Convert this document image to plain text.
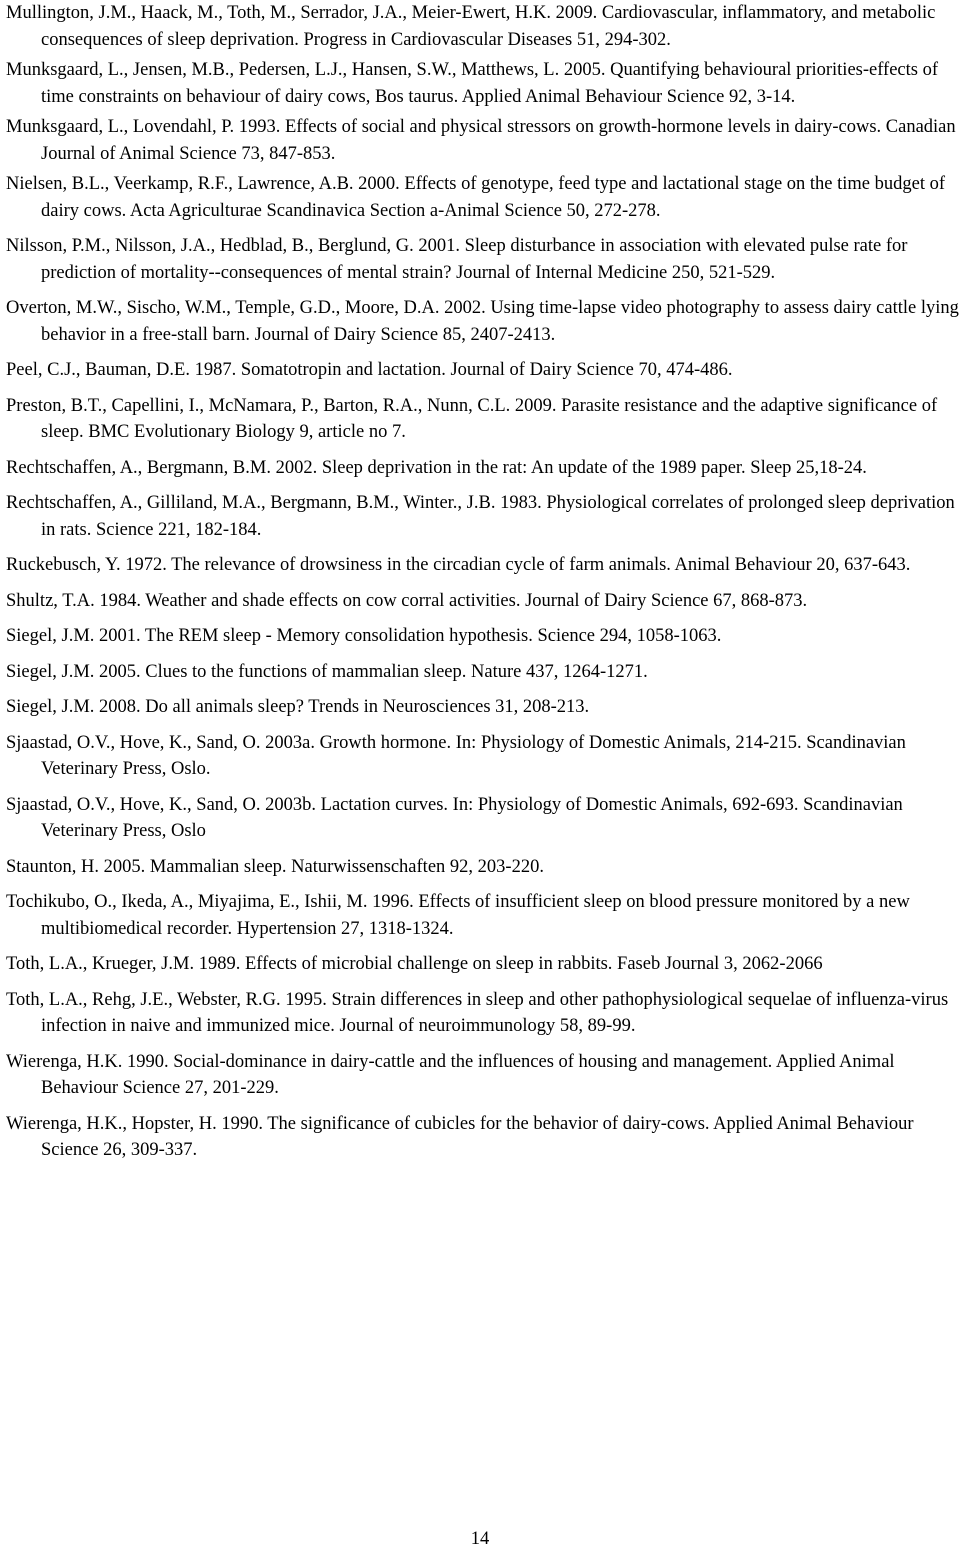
Mullington, J.M., Haack, M., Toth, M., Serrador, J.A., Meier-Ewert, H.K. 2009. Cardiovascular, inflammatory, and metabolic consequences of sleep deprivation. Progress in Cardiovascular Diseases 51, 294-302.

Munksgaard, L., Jensen, M.B., Pedersen, L.J., Hansen, S.W., Matthews, L. 2005. Quantifying behavioural priorities-effects of time constraints on behaviour of dairy cows, Bos taurus. Applied Animal Behaviour Science 92, 3-14.

Munksgaard, L., Lovendahl, P. 1993. Effects of social and physical stressors on growth-hormone levels in dairy-cows. Canadian Journal of Animal Science 73, 847-853.

Nielsen, B.L., Veerkamp, R.F., Lawrence, A.B. 2000. Effects of genotype, feed type and lactational stage on the time budget of dairy cows. Acta Agriculturae Scandinavica Section a-Animal Science 50, 272-278.

Nilsson, P.M., Nilsson, J.A., Hedblad, B., Berglund, G. 2001. Sleep disturbance in association with elevated pulse rate for prediction of mortality--consequences of mental strain? Journal of Internal Medicine 250, 521-529.

Overton, M.W., Sischo, W.M., Temple, G.D., Moore, D.A. 2002. Using time-lapse video photography to assess dairy cattle lying behavior in a free-stall barn. Journal of Dairy Science 85, 2407-2413.

Peel, C.J., Bauman, D.E. 1987. Somatotropin and lactation. Journal of Dairy Science 70, 474-486.

Preston, B.T., Capellini, I., McNamara, P., Barton, R.A., Nunn, C.L. 2009. Parasite resistance and the adaptive significance of sleep. BMC Evolutionary Biology 9, article no 7.

Rechtschaffen, A., Bergmann, B.M. 2002. Sleep deprivation in the rat: An update of the 1989 paper. Sleep 25,18-24.

Rechtschaffen, A., Gilliland, M.A., Bergmann, B.M., Winter., J.B. 1983. Physiological correlates of prolonged sleep deprivation in rats. Science 221, 182-184.

Ruckebusch, Y. 1972. The relevance of drowsiness in the circadian cycle of farm animals. Animal Behaviour 20, 637-643.

Shultz, T.A. 1984. Weather and shade effects on cow corral activities. Journal of Dairy Science 67, 868-873.

Siegel, J.M. 2001. The REM sleep - Memory consolidation hypothesis. Science 294, 1058-1063.

Siegel, J.M. 2005. Clues to the functions of mammalian sleep. Nature 437, 1264-1271.

Siegel, J.M. 2008. Do all animals sleep? Trends in Neurosciences 31, 208-213.

Sjaastad, O.V., Hove, K., Sand, O. 2003a. Growth hormone. In: Physiology of Domestic Animals, 214-215. Scandinavian Veterinary Press, Oslo.

Sjaastad, O.V., Hove, K., Sand, O. 2003b. Lactation curves. In: Physiology of Domestic Animals, 692-693. Scandinavian Veterinary Press, Oslo

Staunton, H. 2005. Mammalian sleep. Naturwissenschaften 92, 203-220.

Tochikubo, O., Ikeda, A., Miyajima, E., Ishii, M. 1996. Effects of insufficient sleep on blood pressure monitored by a new multibiomedical recorder. Hypertension 27, 1318-1324.

Toth, L.A., Krueger, J.M. 1989. Effects of microbial challenge on sleep in rabbits. Faseb Journal 3, 2062-2066

Toth, L.A., Rehg, J.E., Webster, R.G. 1995. Strain differences in sleep and other pathophysiological sequelae of influenza-virus infection in naive and immunized mice. Journal of neuroimmunology 58, 89-99.

Wierenga, H.K. 1990. Social-dominance in dairy-cattle and the influences of housing and management. Applied Animal Behaviour Science 27, 201-229.

Wierenga, H.K., Hopster, H. 1990. The significance of cubicles for the behavior of dairy-cows. Applied Animal Behaviour Science 26, 309-337.

14
